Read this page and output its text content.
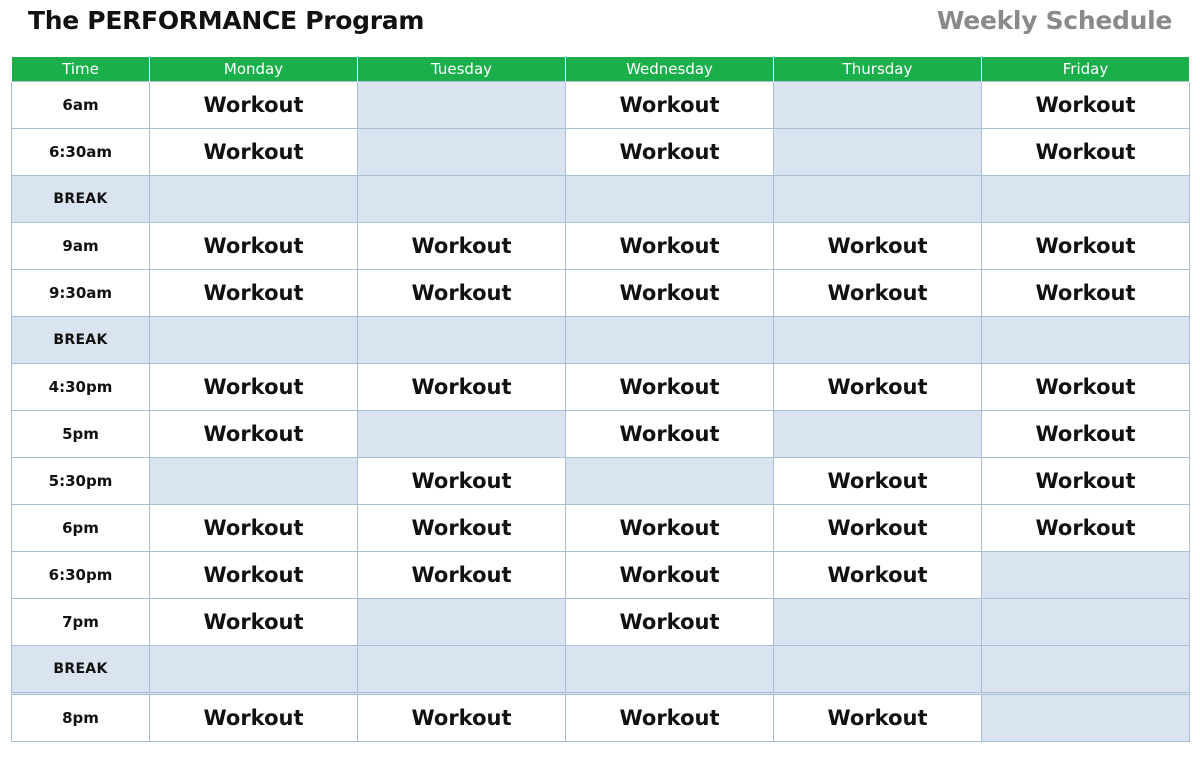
The PERFORMANCE Program	Weekly Schedule
Time	Monday	Tuesday	Wednesday	Thursday	Friday
6am	Workout		Workout		Workout
6:30am	Workout		Workout		Workout
BREAK					
9am	Workout	Workout	Workout	Workout	Workout
9:30am	Workout	Workout	Workout	Workout	Workout
BREAK					
4:30pm	Workout	Workout	Workout	Workout	Workout
5pm	Workout		Workout		Workout
5:30pm		Workout		Workout	Workout
6pm	Workout	Workout	Workout	Workout	Workout
6:30pm	Workout	Workout	Workout	Workout	
7pm	Workout		Workout		
BREAK					
8pm	Workout	Workout	Workout	Workout	
